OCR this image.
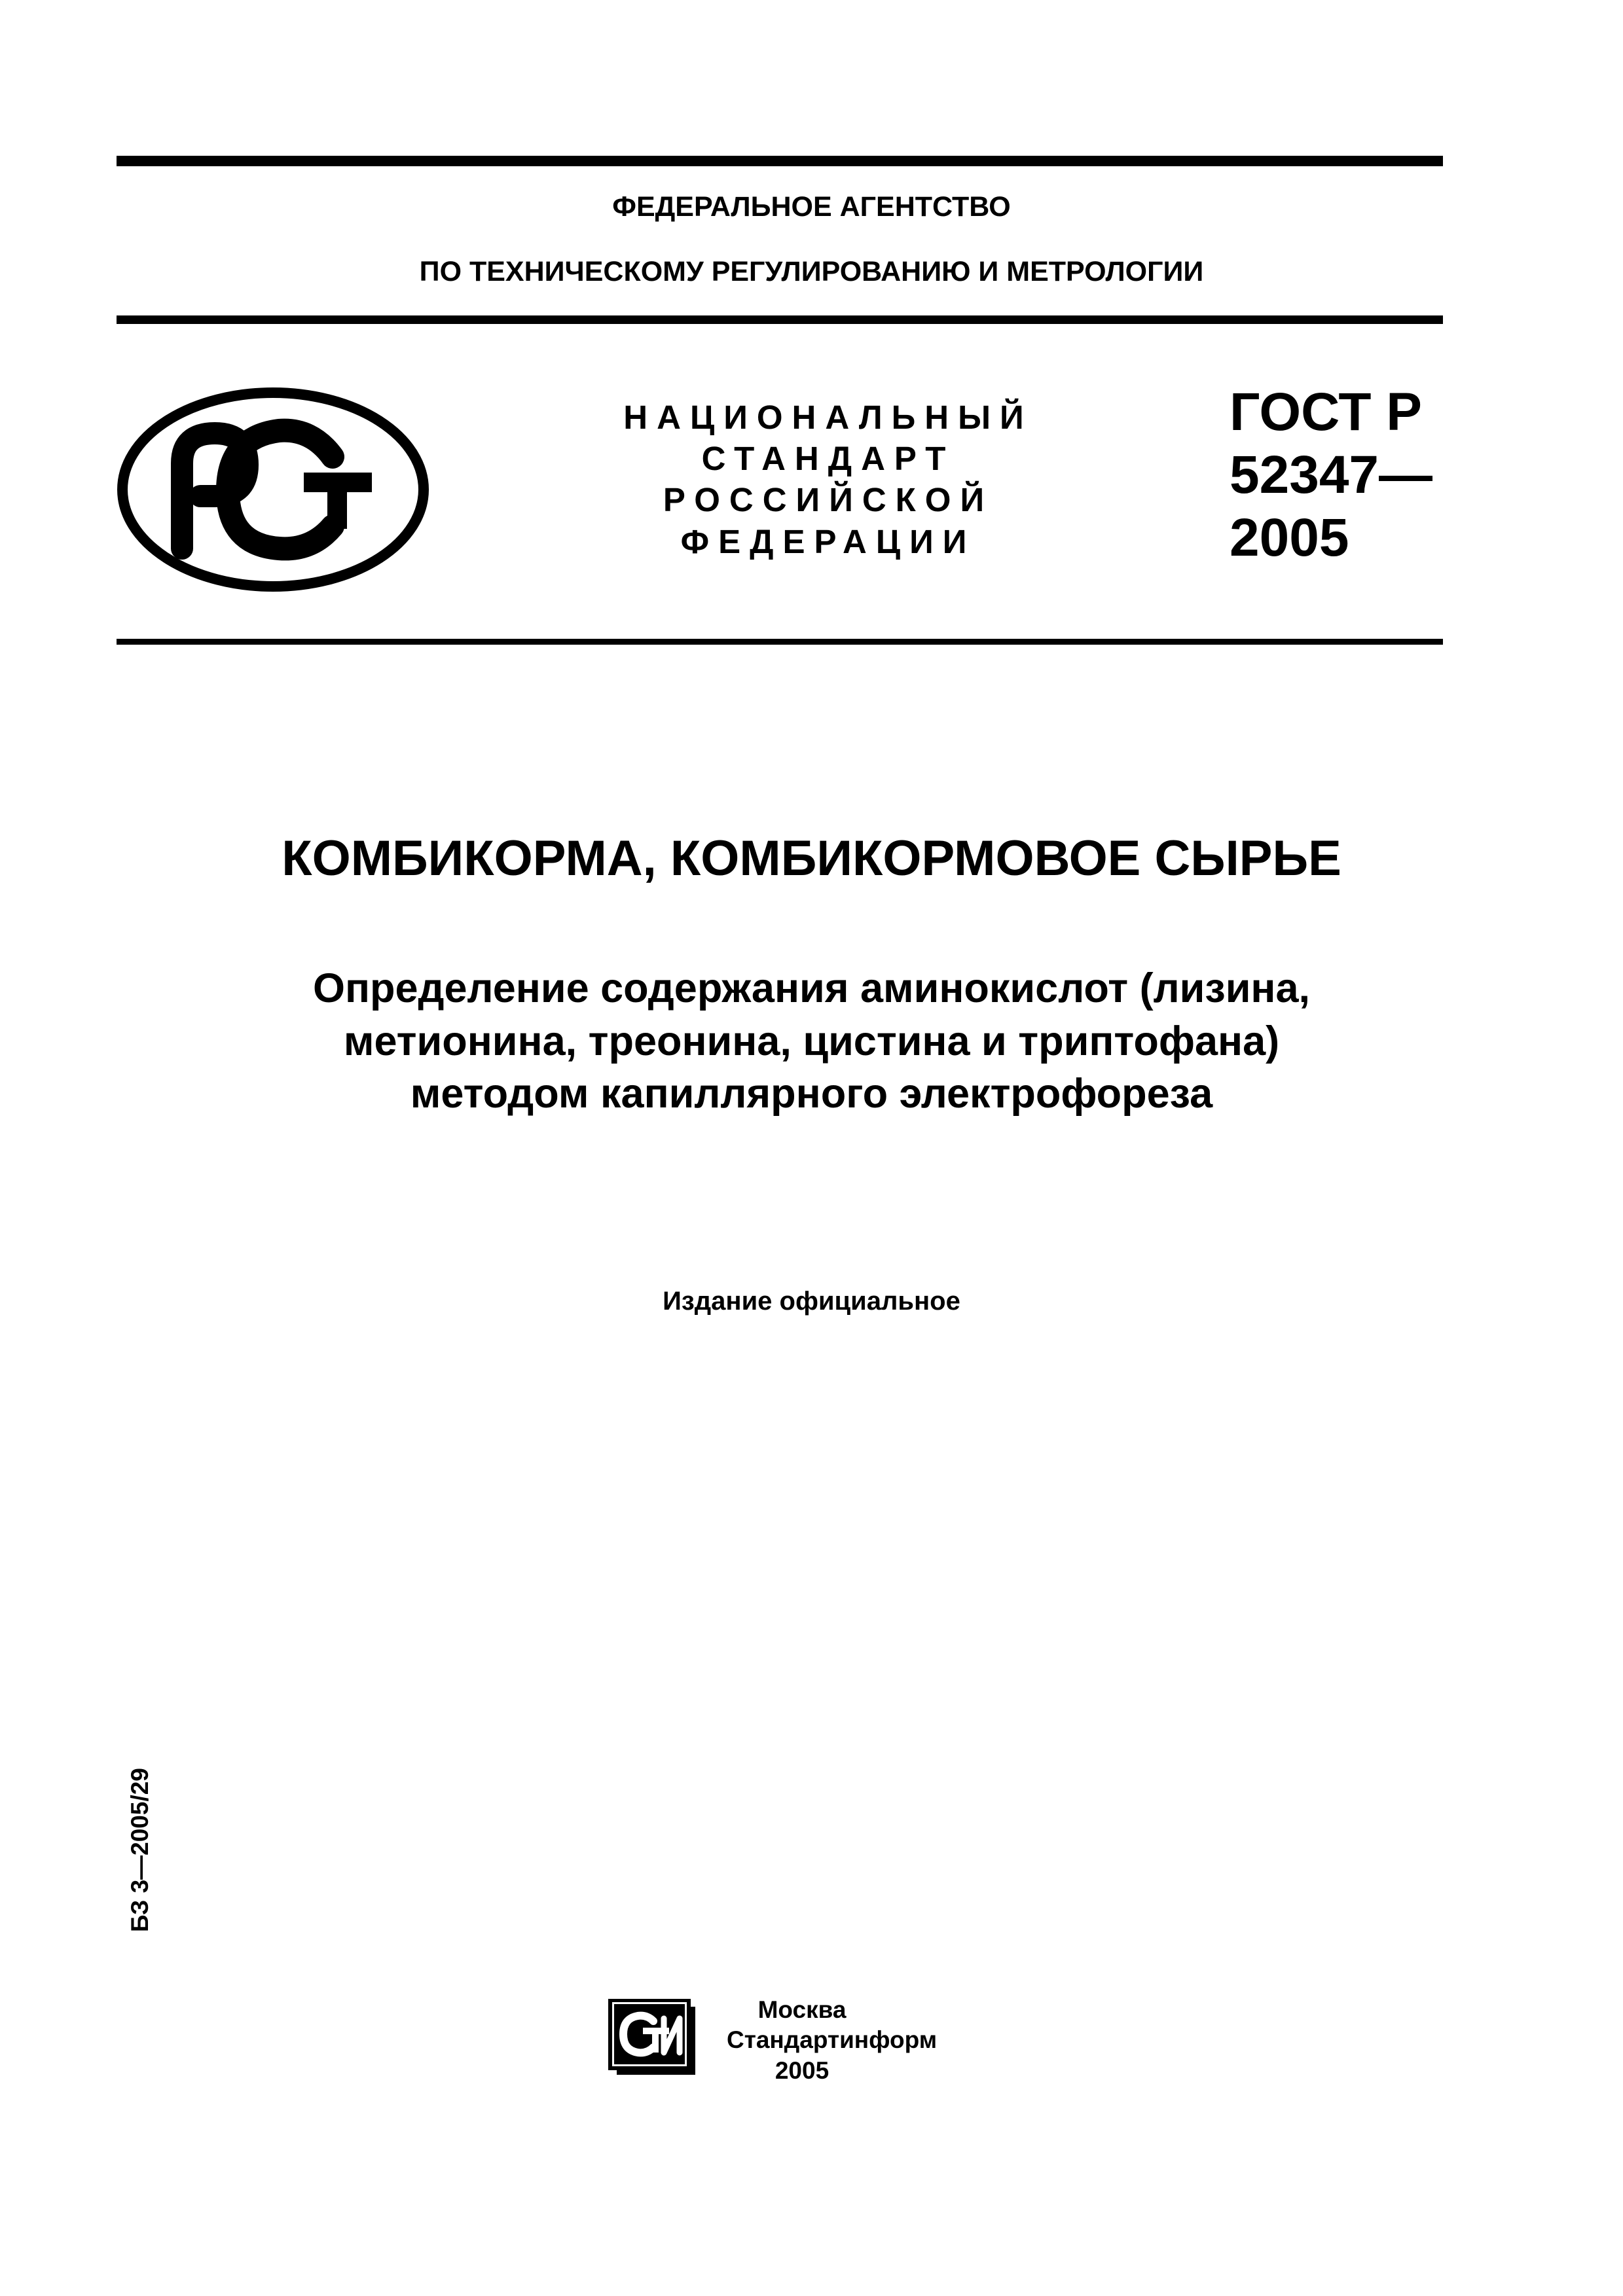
ФЕДЕРАЛЬНОЕ АГЕНТСТВО
ПО ТЕХНИЧЕСКОМУ РЕГУЛИРОВАНИЮ И МЕТРОЛОГИИ
НАЦИОНАЛЬНЫЙ
СТАНДАРТ
РОССИЙСКОЙ
ФЕДЕРАЦИИ
ГОСТ Р
52347—
2005
КОМБИКОРМА, КОМБИКОРМОВОЕ СЫРЬЕ
Определение содержания аминокислот (лизина,
метионина, треонина, цистина и триптофана)
методом капиллярного электрофореза
Издание официальное
БЗ 3—2005/29
Москва
Стандартинформ
2005
